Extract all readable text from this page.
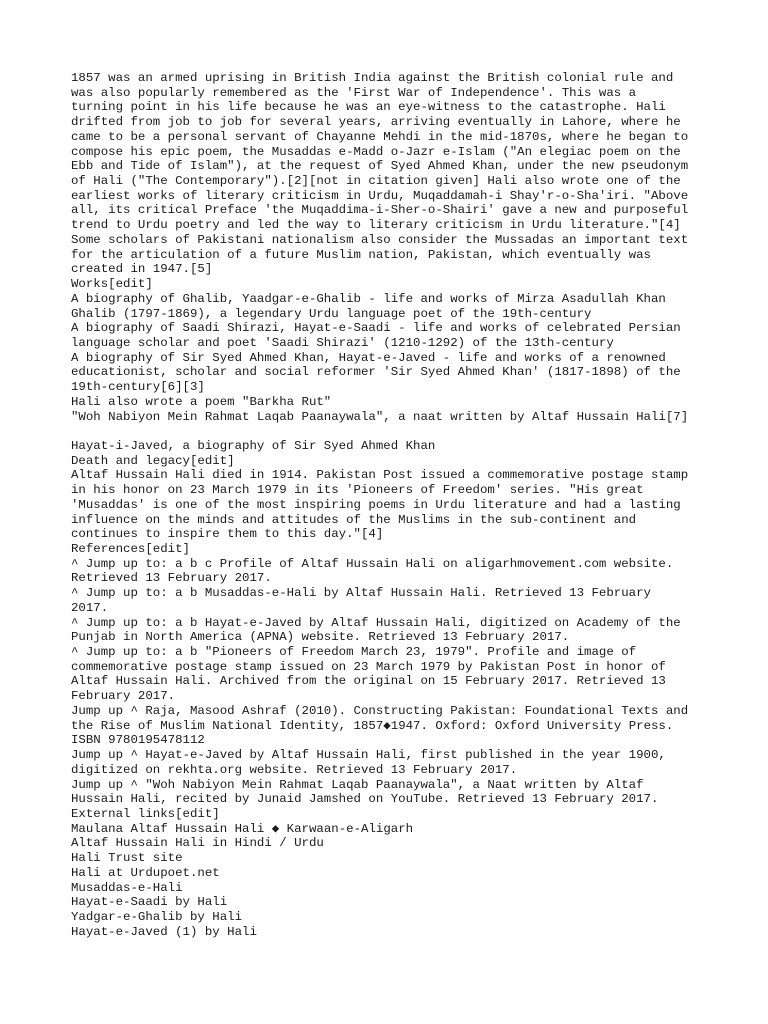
1857 was an armed uprising in British India against the British colonial rule and
was also popularly remembered as the 'First War of Independence'. This was a
turning point in his life because he was an eye-witness to the catastrophe. Hali
drifted from job to job for several years, arriving eventually in Lahore, where he
came to be a personal servant of Chayanne Mehdi in the mid-1870s, where he began to
compose his epic poem, the Musaddas e-Madd o-Jazr e-Islam ("An elegiac poem on the
Ebb and Tide of Islam"), at the request of Syed Ahmed Khan, under the new pseudonym
of Hali ("The Contemporary").[2][not in citation given] Hali also wrote one of the
earliest works of literary criticism in Urdu, Muqaddamah-i Shay'r-o-Sha'iri. "Above
all, its critical Preface 'the Muqaddima-i-Sher-o-Shairi' gave a new and purposeful
trend to Urdu poetry and led the way to literary criticism in Urdu literature."[4]
Some scholars of Pakistani nationalism also consider the Mussadas an important text
for the articulation of a future Muslim nation, Pakistan, which eventually was
created in 1947.[5]
Works[edit]
A biography of Ghalib, Yaadgar-e-Ghalib - life and works of Mirza Asadullah Khan
Ghalib (1797-1869), a legendary Urdu language poet of the 19th-century
A biography of Saadi Shirazi, Hayat-e-Saadi - life and works of celebrated Persian
language scholar and poet 'Saadi Shirazi' (1210-1292) of the 13th-century
A biography of Sir Syed Ahmed Khan, Hayat-e-Javed - life and works of a renowned
educationist, scholar and social reformer 'Sir Syed Ahmed Khan' (1817-1898) of the
19th-century[6][3]
Hali also wrote a poem "Barkha Rut"
"Woh Nabiyon Mein Rahmat Laqab Paanaywala", a naat written by Altaf Hussain Hali[7]
Hayat-i-Javed, a biography of Sir Syed Ahmed Khan
Death and legacy[edit]
Altaf Hussain Hali died in 1914. Pakistan Post issued a commemorative postage stamp
in his honor on 23 March 1979 in its 'Pioneers of Freedom' series. "His great
'Musaddas' is one of the most inspiring poems in Urdu literature and had a lasting
influence on the minds and attitudes of the Muslims in the sub-continent and
continues to inspire them to this day."[4]
References[edit]
^ Jump up to: a b c Profile of Altaf Hussain Hali on aligarhmovement.com website.
Retrieved 13 February 2017.
^ Jump up to: a b Musaddas-e-Hali by Altaf Hussain Hali. Retrieved 13 February
2017.
^ Jump up to: a b Hayat-e-Javed by Altaf Hussain Hali, digitized on Academy of the
Punjab in North America (APNA) website. Retrieved 13 February 2017.
^ Jump up to: a b "Pioneers of Freedom March 23, 1979". Profile and image of
commemorative postage stamp issued on 23 March 1979 by Pakistan Post in honor of
Altaf Hussain Hali. Archived from the original on 15 February 2017. Retrieved 13
February 2017.
Jump up ^ Raja, Masood Ashraf (2010). Constructing Pakistan: Foundational Texts and
the Rise of Muslim National Identity, 1857◆1947. Oxford: Oxford University Press.
ISBN 9780195478112
Jump up ^ Hayat-e-Javed by Altaf Hussain Hali, first published in the year 1900,
digitized on rekhta.org website. Retrieved 13 February 2017.
Jump up ^ "Woh Nabiyon Mein Rahmat Laqab Paanaywala", a Naat written by Altaf
Hussain Hali, recited by Junaid Jamshed on YouTube. Retrieved 13 February 2017.
External links[edit]
Maulana Altaf Hussain Hali ◆ Karwaan-e-Aligarh
Altaf Hussain Hali in Hindi / Urdu
Hali Trust site
Hali at Urdupoet.net
Musaddas-e-Hali
Hayat-e-Saadi by Hali
Yadgar-e-Ghalib by Hali
Hayat-e-Javed (1) by Hali
